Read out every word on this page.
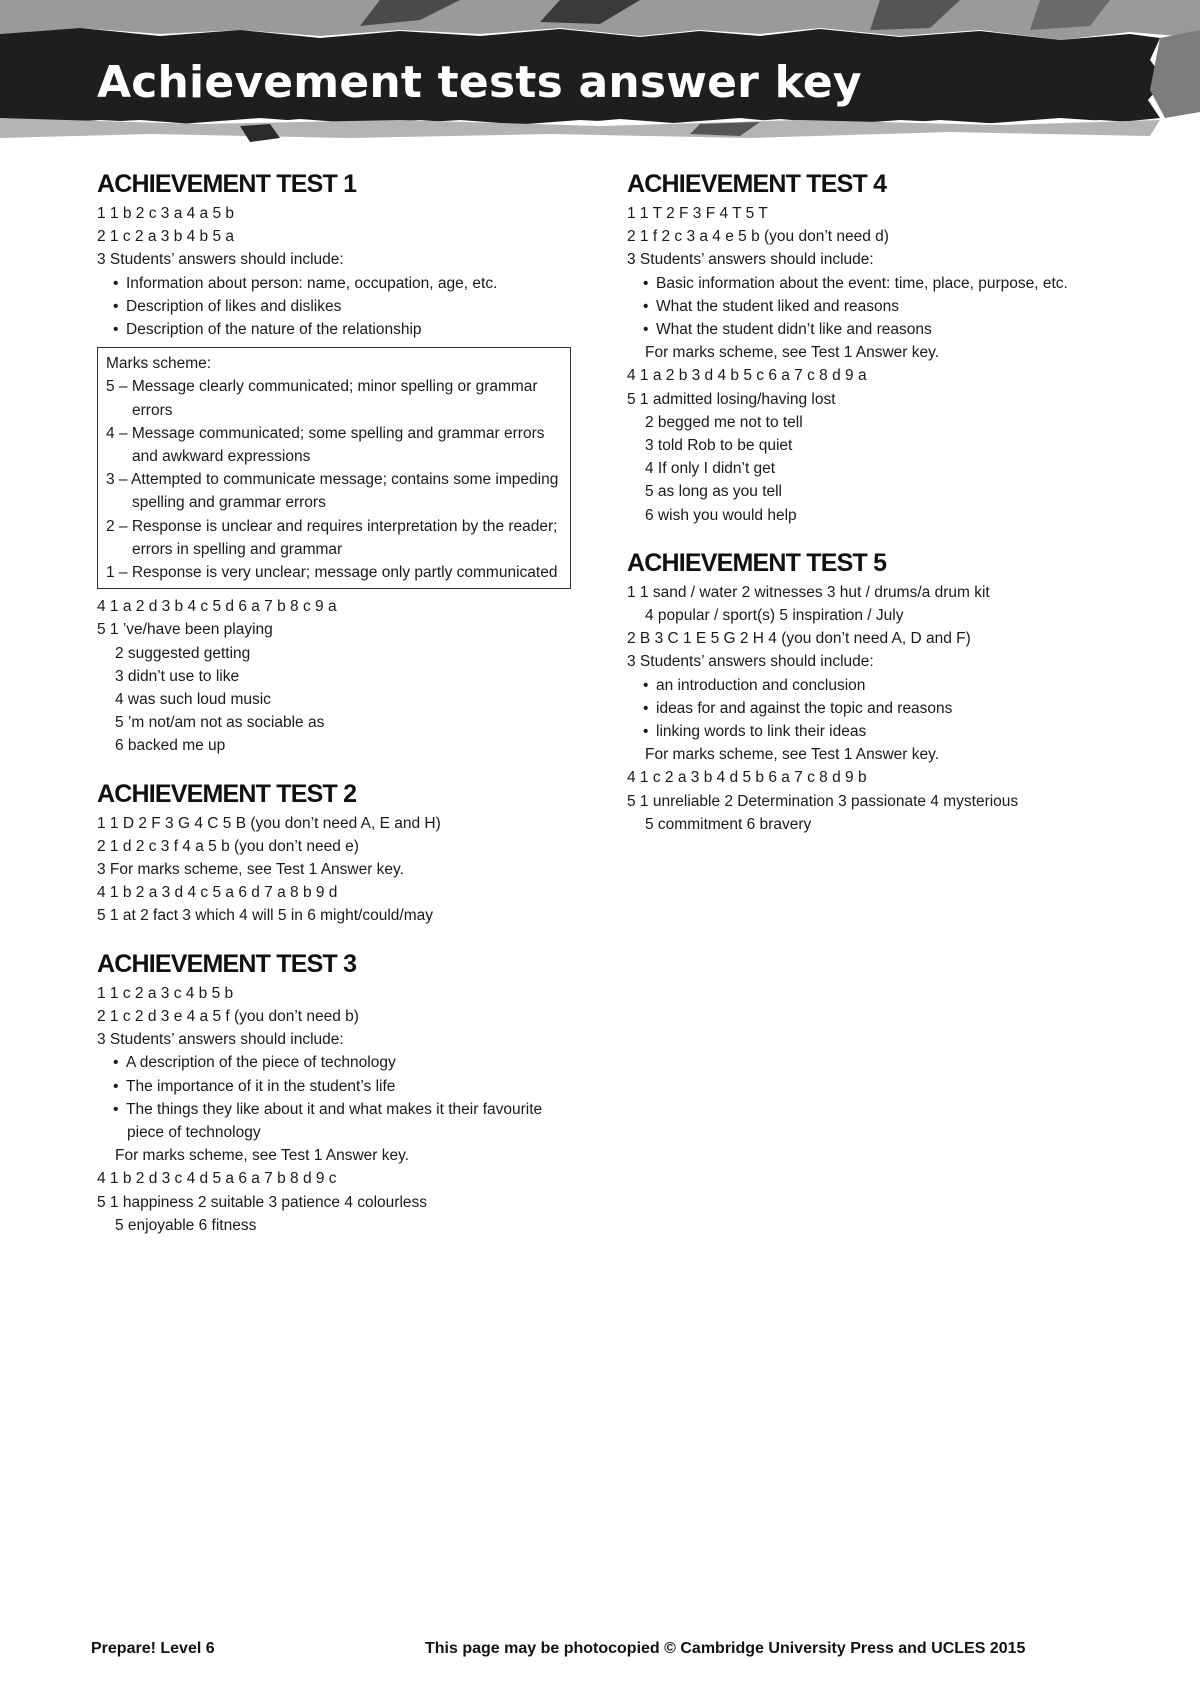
Achievement tests answer key
ACHIEVEMENT TEST 1
1 1 b 2 c 3 a 4 a 5 b
2 1 c 2 a 3 b 4 b 5 a
3 Students’ answers should include:
•Information about person: name, occupation, age, etc.
•Description of likes and dislikes
•Description of the nature of the relationship
Marks scheme:
5 – Message clearly communicated; minor spelling or grammar errors
4 – Message communicated; some spelling and grammar errors and awkward expressions
3 – Attempted to communicate message; contains some impeding spelling and grammar errors
2 – Response is unclear and requires interpretation by the reader; errors in spelling and grammar
1 – Response is very unclear; message only partly communicated
4 1 a 2 d 3 b 4 c 5 d 6 a 7 b 8 c 9 a
5 1 ’ve/have been playing
2 suggested getting
3 didn’t use to like
4 was such loud music
5 ’m not/am not as sociable as
6 backed me up
ACHIEVEMENT TEST 2
1 1 D 2 F 3 G 4 C 5 B (you don’t need A, E and H)
2 1 d 2 c 3 f 4 a 5 b (you don’t need e)
3 For marks scheme, see Test 1 Answer key.
4 1 b 2 a 3 d 4 c 5 a 6 d 7 a 8 b 9 d
5 1 at 2 fact 3 which 4 will 5 in 6 might/could/may
ACHIEVEMENT TEST 3
1 1 c 2 a 3 c 4 b 5 b
2 1 c 2 d 3 e 4 a 5 f (you don’t need b)
3 Students’ answers should include:
•A description of the piece of technology
•The importance of it in the student’s life
•The things they like about it and what makes it their favourite
piece of technology
For marks scheme, see Test 1 Answer key.
4 1 b 2 d 3 c 4 d 5 a 6 a 7 b 8 d 9 c
5 1 happiness 2 suitable 3 patience 4 colourless
5 enjoyable 6 fitness
ACHIEVEMENT TEST 4
1 1 T 2 F 3 F 4 T 5 T
2 1 f 2 c 3 a 4 e 5 b (you don’t need d)
3 Students’ answers should include:
•Basic information about the event: time, place, purpose, etc.
•What the student liked and reasons
•What the student didn’t like and reasons
For marks scheme, see Test 1 Answer key.
4 1 a 2 b 3 d 4 b 5 c 6 a 7 c 8 d 9 a
5 1 admitted losing/having lost
2 begged me not to tell
3 told Rob to be quiet
4 If only I didn’t get
5 as long as you tell
6 wish you would help
ACHIEVEMENT TEST 5
1 1 sand / water 2 witnesses 3 hut / drums/a drum kit
4 popular / sport(s) 5 inspiration / July
2 B 3 C 1 E 5 G 2 H 4 (you don’t need A, D and F)
3 Students’ answers should include:
•an introduction and conclusion
•ideas for and against the topic and reasons
•linking words to link their ideas
For marks scheme, see Test 1 Answer key.
4 1 c 2 a 3 b 4 d 5 b 6 a 7 c 8 d 9 b
5 1 unreliable 2 Determination 3 passionate 4 mysterious
5 commitment 6 bravery
Prepare! Level 6	This page may be photocopied © Cambridge University Press and UCLES 2015
